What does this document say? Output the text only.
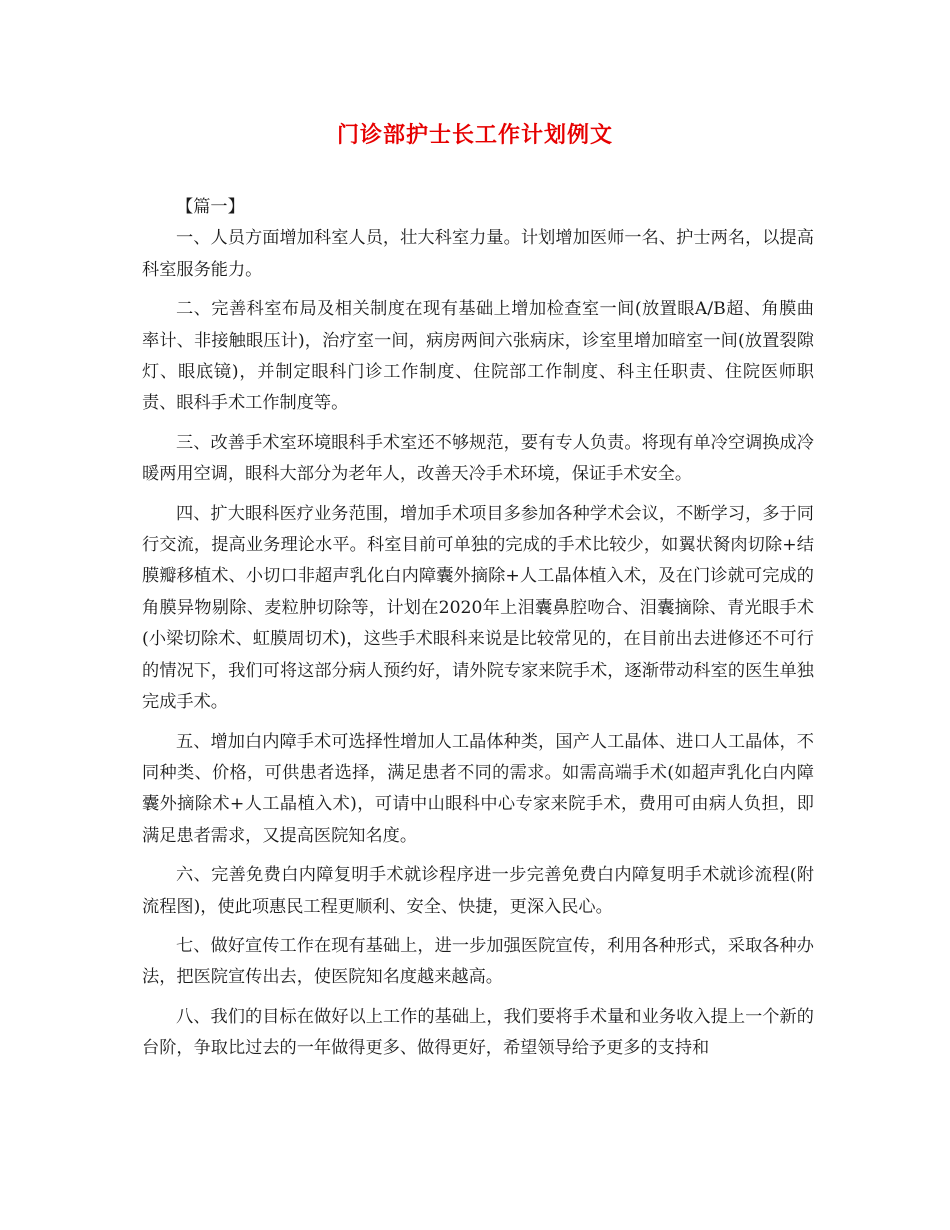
门诊部护士长工作计划例文

【篇一】

一、人员方面增加科室人员，壮大科室力量。计划增加医师一名、护士两名，以提高科室服务能力。

二、完善科室布局及相关制度在现有基础上增加检查室一间(放置眼A/B超、角膜曲率计、非接触眼压计)，治疗室一间，病房两间六张病床，诊室里增加暗室一间(放置裂隙灯、眼底镜)，并制定眼科门诊工作制度、住院部工作制度、科主任职责、住院医师职责、眼科手术工作制度等。

三、改善手术室环境眼科手术室还不够规范，要有专人负责。将现有单冷空调换成冷暖两用空调，眼科大部分为老年人，改善天冷手术环境，保证手术安全。

四、扩大眼科医疗业务范围，增加手术项目多参加各种学术会议，不断学习，多于同行交流，提高业务理论水平。科室目前可单独的完成的手术比较少，如翼状胬肉切除+结膜瓣移植术、小切口非超声乳化白内障囊外摘除+人工晶体植入术，及在门诊就可完成的角膜异物剔除、麦粒肿切除等，计划在2020年上泪囊鼻腔吻合、泪囊摘除、青光眼手术(小梁切除术、虹膜周切术)，这些手术眼科来说是比较常见的，在目前出去进修还不可行的情况下，我们可将这部分病人预约好，请外院专家来院手术，逐渐带动科室的医生单独完成手术。

五、增加白内障手术可选择性增加人工晶体种类，国产人工晶体、进口人工晶体，不同种类、价格，可供患者选择，满足患者不同的需求。如需高端手术(如超声乳化白内障囊外摘除术+人工晶植入术)，可请中山眼科中心专家来院手术，费用可由病人负担，即满足患者需求，又提高医院知名度。

六、完善免费白内障复明手术就诊程序进一步完善免费白内障复明手术就诊流程(附流程图)，使此项惠民工程更顺利、安全、快捷，更深入民心。

七、做好宣传工作在现有基础上，进一步加强医院宣传，利用各种形式，采取各种办法，把医院宣传出去，使医院知名度越来越高。

八、我们的目标在做好以上工作的基础上，我们要将手术量和业务收入提上一个新的台阶，争取比过去的一年做得更多、做得更好，希望领导给予更多的支持和
